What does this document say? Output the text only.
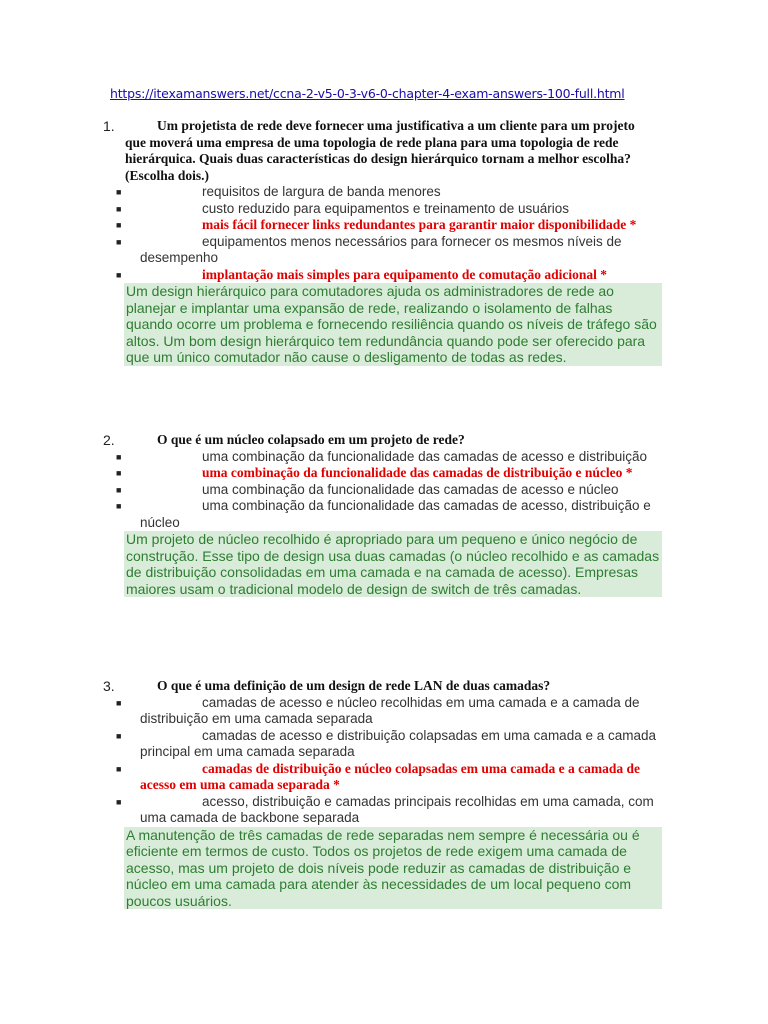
https://itexamanswers.net/ccna-2-v5-0-3-v6-0-chapter-4-exam-answers-100-full.html
1.	Um projetista de rede deve fornecer uma justificativa a um cliente para um projeto que moverá uma empresa de uma topologia de rede plana para uma topologia de rede hierárquica. Quais duas características do design hierárquico tornam a melhor escolha? (Escolha dois.)
■	requisitos de largura de banda menores
■	custo reduzido para equipamentos e treinamento de usuários
■	mais fácil fornecer links redundantes para garantir maior disponibilidade *
■	equipamentos menos necessários para fornecer os mesmos níveis de desempenho
■	implantação mais simples para equipamento de comutação adicional *
Um design hierárquico para comutadores ajuda os administradores de rede ao planejar e implantar uma expansão de rede, realizando o isolamento de falhas quando ocorre um problema e fornecendo resiliência quando os níveis de tráfego são altos. Um bom design hierárquico tem redundância quando pode ser oferecido para que um único comutador não cause o desligamento de todas as redes.
2.	O que é um núcleo colapsado em um projeto de rede?
■	uma combinação da funcionalidade das camadas de acesso e distribuição
■	uma combinação da funcionalidade das camadas de distribuição e núcleo *
■	uma combinação da funcionalidade das camadas de acesso e núcleo
■	uma combinação da funcionalidade das camadas de acesso, distribuição e núcleo
Um projeto de núcleo recolhido é apropriado para um pequeno e único negócio de construção. Esse tipo de design usa duas camadas (o núcleo recolhido e as camadas de distribuição consolidadas em uma camada e na camada de acesso). Empresas maiores usam o tradicional modelo de design de switch de três camadas.
3.	O que é uma definição de um design de rede LAN de duas camadas?
■	camadas de acesso e núcleo recolhidas em uma camada e a camada de distribuição em uma camada separada
■	camadas de acesso e distribuição colapsadas em uma camada e a camada principal em uma camada separada
■	camadas de distribuição e núcleo colapsadas em uma camada e a camada de acesso em uma camada separada *
■	acesso, distribuição e camadas principais recolhidas em uma camada, com uma camada de backbone separada
A manutenção de três camadas de rede separadas nem sempre é necessária ou é eficiente em termos de custo. Todos os projetos de rede exigem uma camada de acesso, mas um projeto de dois níveis pode reduzir as camadas de distribuição e núcleo em uma camada para atender às necessidades de um local pequeno com poucos usuários.
